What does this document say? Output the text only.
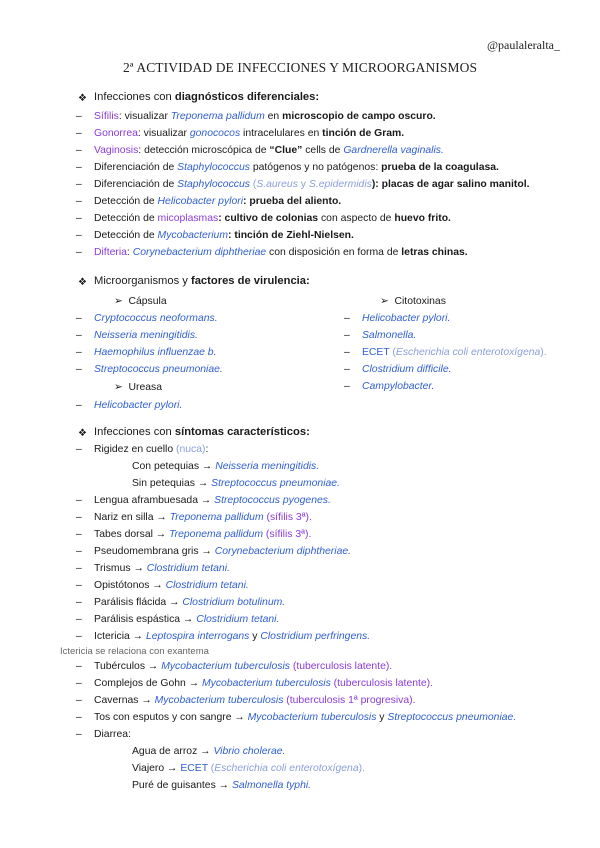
@paulaleralta_
2ª ACTIVIDAD DE INFECCIONES Y MICROORGANISMOS
❖ Infecciones con diagnósticos diferenciales:
– Sífilis: visualizar Treponema pallidum en microscopio de campo oscuro.
– Gonorrea: visualizar gonococos intracelulares en tinción de Gram.
– Vaginosis: detección microscópica de “Clue” cells de Gardnerella vaginalis.
– Diferenciación de Staphylococcus patógenos y no patógenos: prueba de la coagulasa.
– Diferenciación de Staphylococcus (S.aureus y S.epidermidis): placas de agar salino manitol.
– Detección de Helicobacter pylori: prueba del aliento.
– Detección de micoplasmas: cultivo de colonias con aspecto de huevo frito.
– Detección de Mycobacterium: tinción de Ziehl-Nielsen.
– Difteria: Corynebacterium diphtheriae con disposición en forma de letras chinas.
❖ Microorganismos y factores de virulencia:
➢ Cápsula	➢ Citotoxinas
– Cryptococcus neoformans.
– Neisseria meningitidis.
– Haemophilus influenzae b.
– Streptococcus pneumoniae.
➢ Ureasa
– Helicobacter pylori.
– Helicobacter pylori.
– Salmonella.
– ECET (Escherichia coli enterotoxígena).
– Clostridium difficile.
– Campylobacter.
❖ Infecciones con síntomas característicos:
– Rigidez en cuello (nuca):
Con petequias → Neisseria meningitidis.
Sin petequias → Streptococcus pneumoniae.
– Lengua aframbuesada → Streptococcus pyogenes.
– Nariz en silla → Treponema pallidum (sífilis 3ª).
– Tabes dorsal → Treponema pallidum (sífilis 3ª).
– Pseudomembrana gris → Corynebacterium diphtheriae.
– Trismus → Clostridium tetani.
– Opistótonos → Clostridium tetani.
– Parálisis flácida → Clostridium botulinum.
– Parálisis espástica → Clostridium tetani.
– Ictericia → Leptospira interrogans y Clostridium perfringens.
Ictericia se relaciona con exantema
– Tubérculos → Mycobacterium tuberculosis (tuberculosis latente).
– Complejos de Gohn → Mycobacterium tuberculosis (tuberculosis latente).
– Cavernas → Mycobacterium tuberculosis (tuberculosis 1ª progresiva).
– Tos con esputos y con sangre → Mycobacterium tuberculosis y Streptococcus pneumoniae.
– Diarrea:
Agua de arroz → Vibrio cholerae.
Viajero → ECET (Escherichia coli enterotoxígena).
Puré de guisantes → Salmonella typhi.
